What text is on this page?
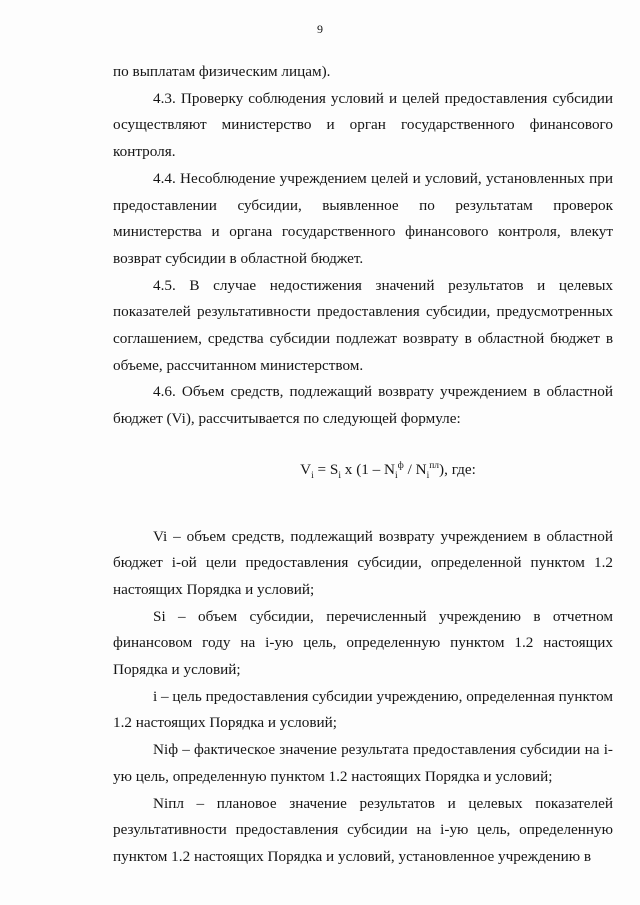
9

по выплатам физическим лицам).

4.3. Проверку соблюдения условий и целей предоставления субсидии осуществляют министерство и орган государственного финансового контроля.

4.4. Несоблюдение учреждением целей и условий, установленных при предоставлении субсидии, выявленное по результатам проверок министерства и органа государственного финансового контроля, влекут возврат субсидии в областной бюджет.

4.5. В случае недостижения значений результатов и целевых показателей результативности предоставления субсидии, предусмотренных соглашением, средства субсидии подлежат возврату в областной бюджет в объеме, рассчитанном министерством.

4.6. Объем средств, подлежащий возврату учреждением в областной бюджет (Vi), рассчитывается по следующей формуле:

$V_i = S_i$ x $(1 - N_i^ф / N_i^{пл})$, где:

Vi – объем средств, подлежащий возврату учреждением в областной бюджет i-ой цели предоставления субсидии, определенной пунктом 1.2 настоящих Порядка и условий;

Si – объем субсидии, перечисленный учреждению в отчетном финансовом году на i-ую цель, определенную пунктом 1.2 настоящих Порядка и условий;

i – цель предоставления субсидии учреждению, определенная пунктом 1.2 настоящих Порядка и условий;

Niф – фактическое значение результата предоставления субсидии на i-ую цель, определенную пунктом 1.2 настоящих Порядка и условий;

Niпл – плановое значение результатов и целевых показателей результативности предоставления субсидии на i-ую цель, определенную пунктом 1.2 настоящих Порядка и условий, установленное учреждению в
